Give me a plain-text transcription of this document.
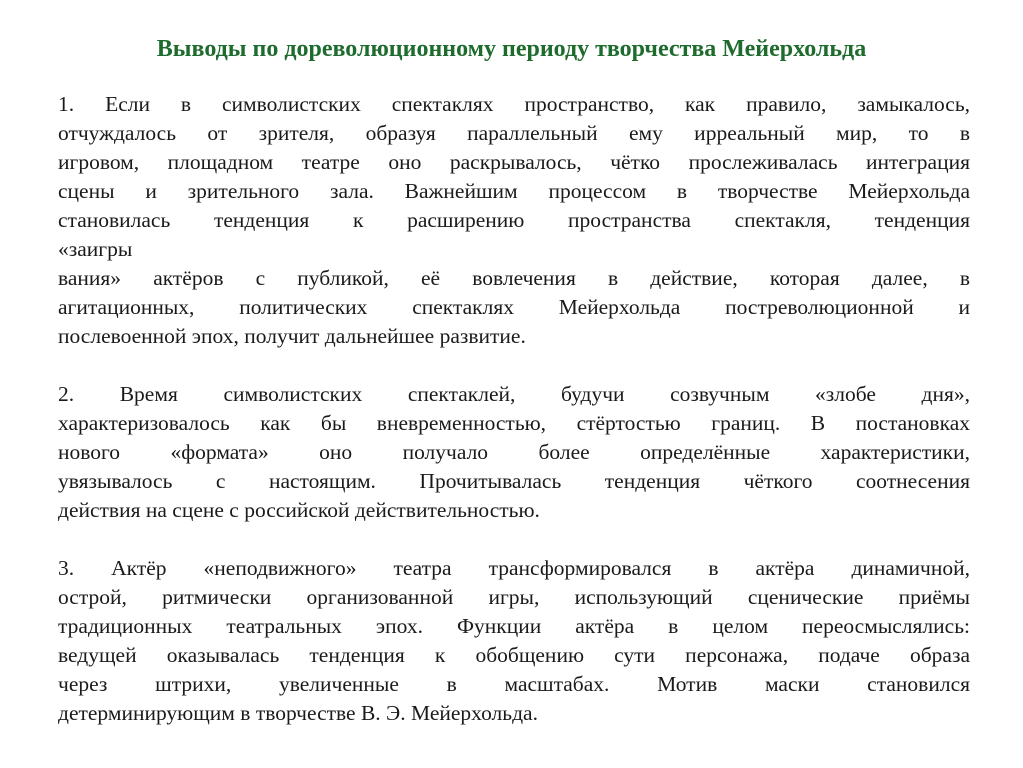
Выводы по дореволюционному периоду творчества Мейерхольда
1. Если в символистских спектаклях пространство, как правило, замыкалось,
отчуждалось от зрителя, образуя параллельный ему ирреальный мир, то в
игровом, площадном театре оно раскрывалось, чётко прослеживалась интеграция
сцены и зрительного зала. Важнейшим процессом в творчестве Мейерхольда
становилась тенденция к расширению пространства спектакля, тенденция
«заигры
вания» актёров с публикой, её вовлечения в действие, которая далее, в
агитационных, политических спектаклях Мейерхольда постреволюционной и
послевоенной эпох, получит дальнейшее развитие.
2. Время символистских спектаклей, будучи созвучным «злобе дня»,
характеризовалось как бы вневременностью, стёртостью границ. В постановках
нового «формата» оно получало более определённые характеристики,
увязывалось с настоящим. Прочитывалась тенденция чёткого соотнесения
действия на сцене с российской действительностью.
3. Актёр «неподвижного» театра трансформировался в актёра динамичной,
острой, ритмически организованной игры, использующий сценические приёмы
традиционных театральных эпох. Функции актёра в целом переосмыслялись:
ведущей оказывалась тенденция к обобщению сути персонажа, подаче образа
через штрихи, увеличенные в масштабах. Мотив маски становился
детерминирующим в творчестве В. Э. Мейерхольда.
